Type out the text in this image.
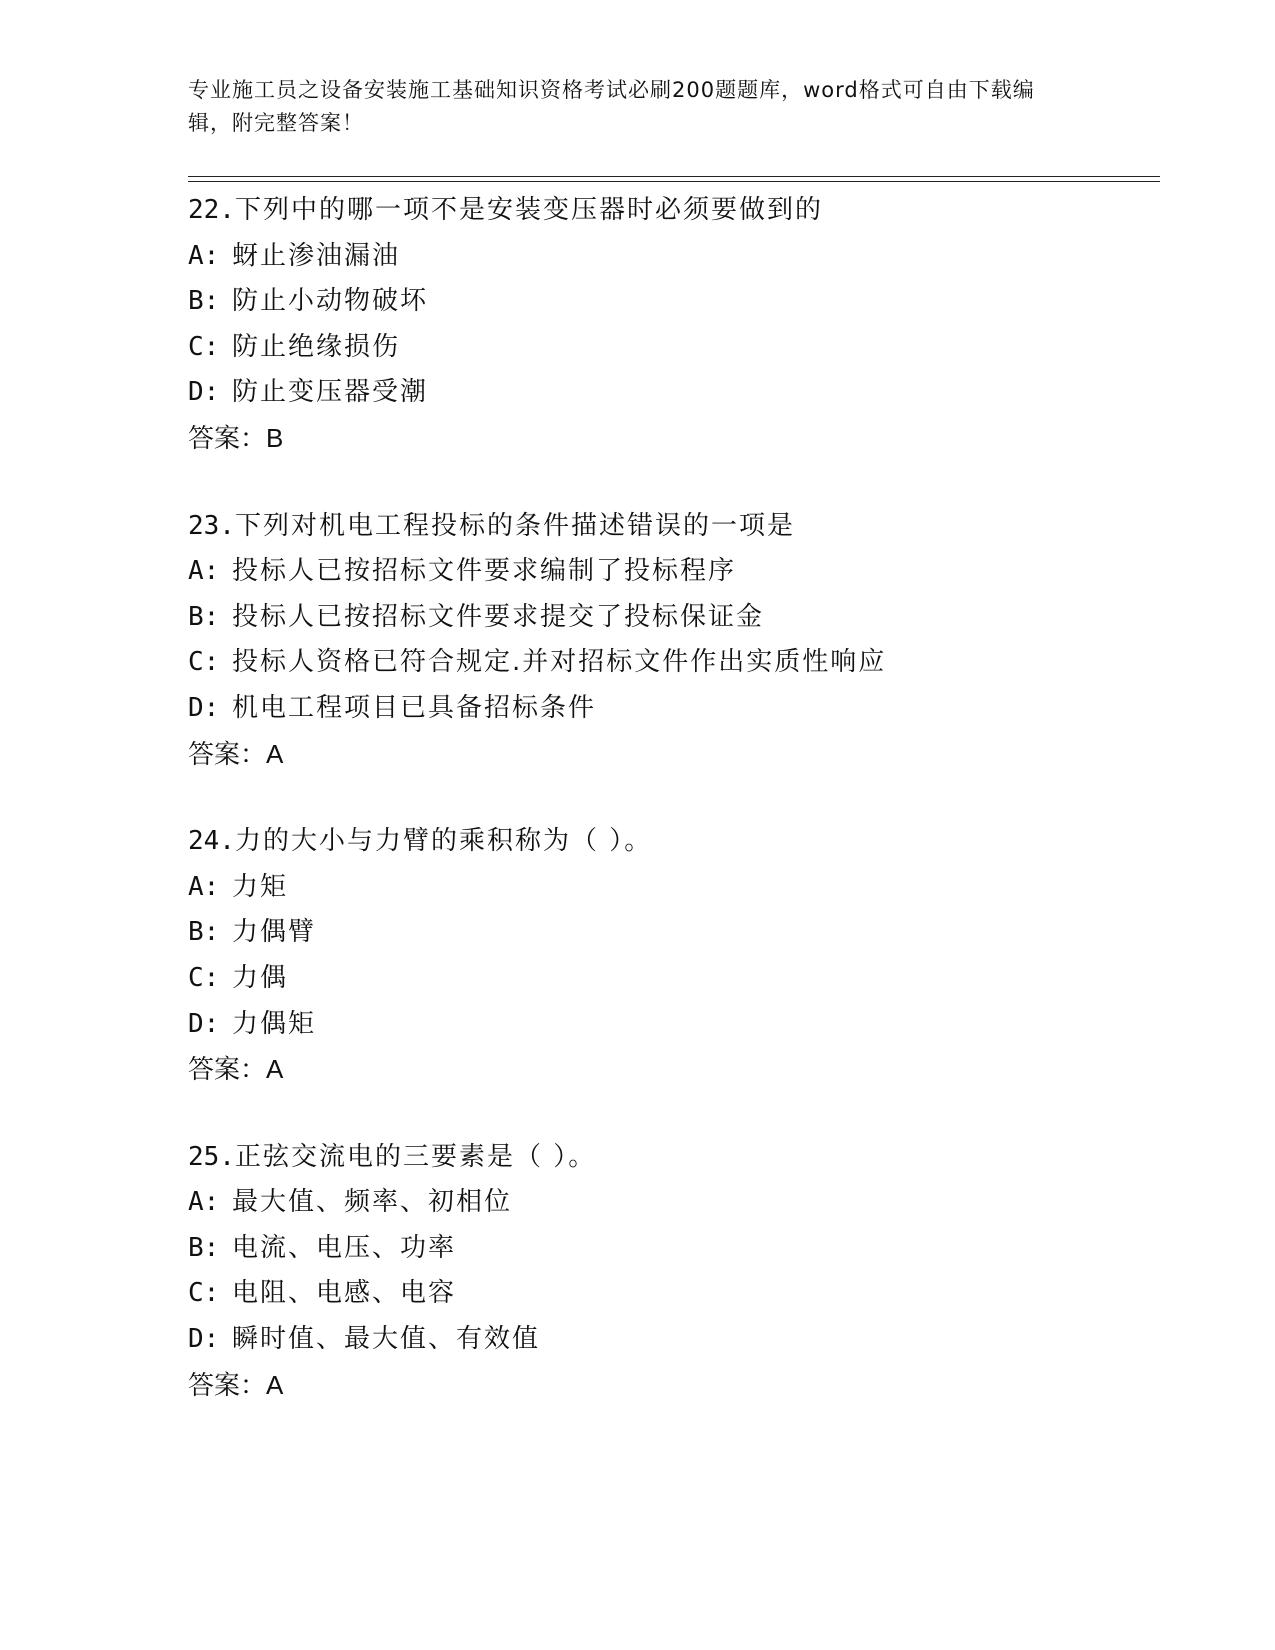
专业施工员之设备安装施工基础知识资格考试必刷200题题库，word格式可自由下载编辑，附完整答案！
22.下列中的哪一项不是安装变压器时必须要做到的
A: 蚜止渗油漏油
B: 防止小动物破坏
C: 防止绝缘损伤
D: 防止变压器受潮
答案：B
23.下列对机电工程投标的条件描述错误的一项是
A: 投标人已按招标文件要求编制了投标程序
B: 投标人已按招标文件要求提交了投标保证金
C: 投标人资格已符合规定.并对招标文件作出实质性响应
D: 机电工程项目已具备招标条件
答案：A
24.力的大小与力臂的乘积称为（ ）。
A: 力矩
B: 力偶臂
C: 力偶
D: 力偶矩
答案：A
25.正弦交流电的三要素是（ ）。
A: 最大值、频率、初相位
B: 电流、电压、功率
C: 电阻、电感、电容
D: 瞬时值、最大值、有效值
答案：A
